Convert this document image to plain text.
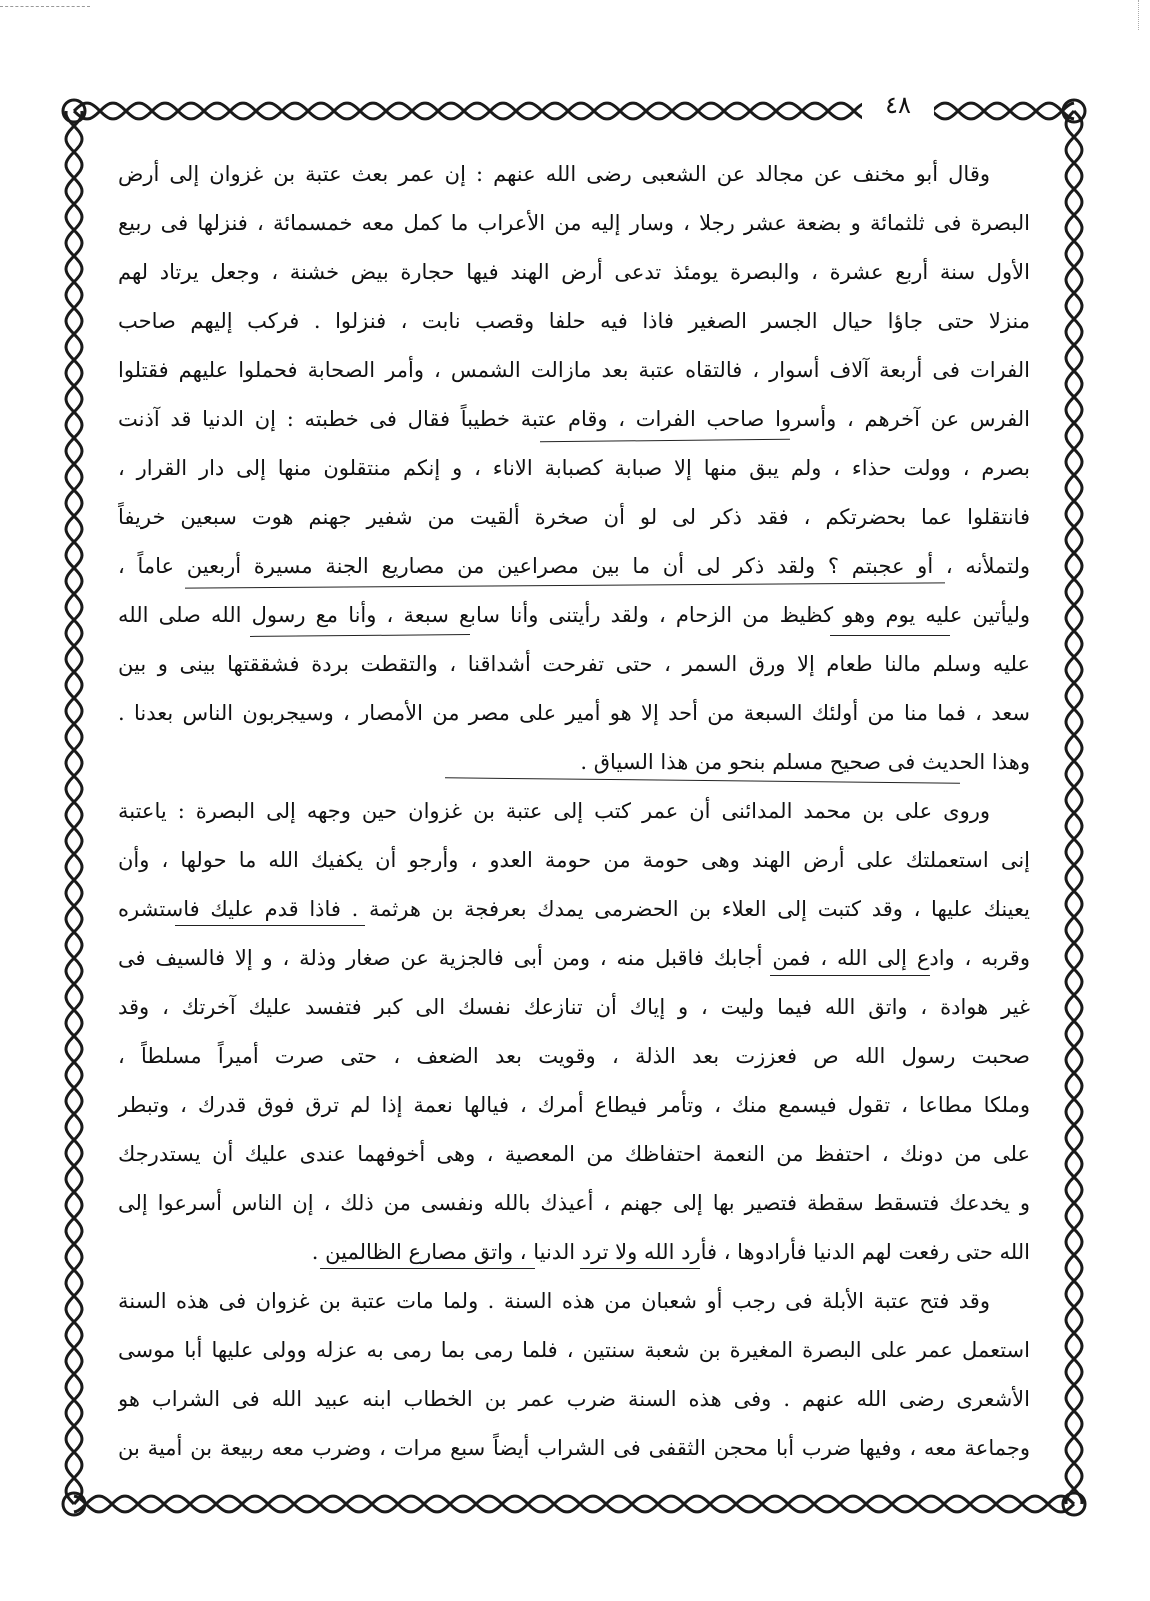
٤٨
وقال أبو مخنف عن مجالد عن الشعبى رضى الله عنهم : إن عمر بعث عتبة بن غزوان إلى أرض
البصرة فى ثلثمائة و بضعة عشر رجلا ، وسار إليه من الأعراب ما كمل معه خمسمائة ، فنزلها فى ربيع
الأول سنة أربع عشرة ، والبصرة يومئذ تدعى أرض الهند فيها حجارة بيض خشنة ، وجعل يرتاد لهم
منزلا حتى جاؤا حيال الجسر الصغير فاذا فيه حلفا وقصب نابت ، فنزلوا . فركب إليهم صاحب
الفرات فى أربعة آلاف أسوار ، فالتقاه عتبة بعد مازالت الشمس ، وأمر الصحابة فحملوا عليهم فقتلوا
الفرس عن آخرهم ، وأسروا صاحب الفرات ، وقام عتبة خطيباً فقال فى خطبته : إن الدنيا قد آذنت
بصرم ، وولت حذاء ، ولم يبق منها إلا صبابة كصبابة الاناء ، و إنكم منتقلون منها إلى دار القرار ،
فانتقلوا عما بحضرتكم ، فقد ذكر لى لو أن صخرة ألقيت من شفير جهنم هوت سبعين خريفاً
ولتملأنه ، أو عجبتم ؟ ولقد ذكر لى أن ما بين مصراعين من مصاريع الجنة مسيرة أربعين عاماً ،
وليأتين عليه يوم وهو كظيظ من الزحام ، ولقد رأيتنى وأنا سابع سبعة ، وأنا مع رسول الله صلى الله
عليه وسلم مالنا طعام إلا ورق السمر ، حتى تفرحت أشداقنا ، والتقطت بردة فشققتها بينى و بين
سعد ، فما منا من أولئك السبعة من أحد إلا هو أمير على مصر من الأمصار ، وسيجربون الناس بعدنا .
وهذا الحديث فى صحيح مسلم بنحو من هذا السياق .
وروى على بن محمد المدائنى أن عمر كتب إلى عتبة بن غزوان حين وجهه إلى البصرة : ياعتبة
إنى استعملتك على أرض الهند وهى حومة من حومة العدو ، وأرجو أن يكفيك الله ما حولها ، وأن
يعينك عليها ، وقد كتبت إلى العلاء بن الحضرمى يمدك بعرفجة بن هرثمة . فاذا قدم عليك فاستشره
وقربه ، وادع إلى الله ، فمن أجابك فاقبل منه ، ومن أبى فالجزية عن صغار وذلة ، و إلا فالسيف فى
غير هوادة ، واتق الله فيما وليت ، و إياك أن تنازعك نفسك الى كبر فتفسد عليك آخرتك ، وقد
صحبت رسول الله ص فعززت بعد الذلة ، وقويت بعد الضعف ، حتى صرت أميراً مسلطاً ،
وملكا مطاعا ، تقول فيسمع منك ، وتأمر فيطاع أمرك ، فيالها نعمة إذا لم ترق فوق قدرك ، وتبطر
على من دونك ، احتفظ من النعمة احتفاظك من المعصية ، وهى أخوفهما عندى عليك أن يستدرجك
و يخدعك فتسقط سقطة فتصير بها إلى جهنم ، أعيذك بالله ونفسى من ذلك ، إن الناس أسرعوا إلى
الله حتى رفعت لهم الدنيا فأرادوها ، فأرد الله ولا ترد الدنيا ، واتق مصارع الظالمين .
وقد فتح عتبة الأبلة فى رجب أو شعبان من هذه السنة . ولما مات عتبة بن غزوان فى هذه السنة
استعمل عمر على البصرة المغيرة بن شعبة سنتين ، فلما رمى بما رمى به عزله وولى عليها أبا موسى
الأشعرى رضى الله عنهم . وفى هذه السنة ضرب عمر بن الخطاب ابنه عبيد الله فى الشراب هو
وجماعة معه ، وفيها ضرب أبا محجن الثقفى فى الشراب أيضاً سبع مرات ، وضرب معه ربيعة بن أمية بن
